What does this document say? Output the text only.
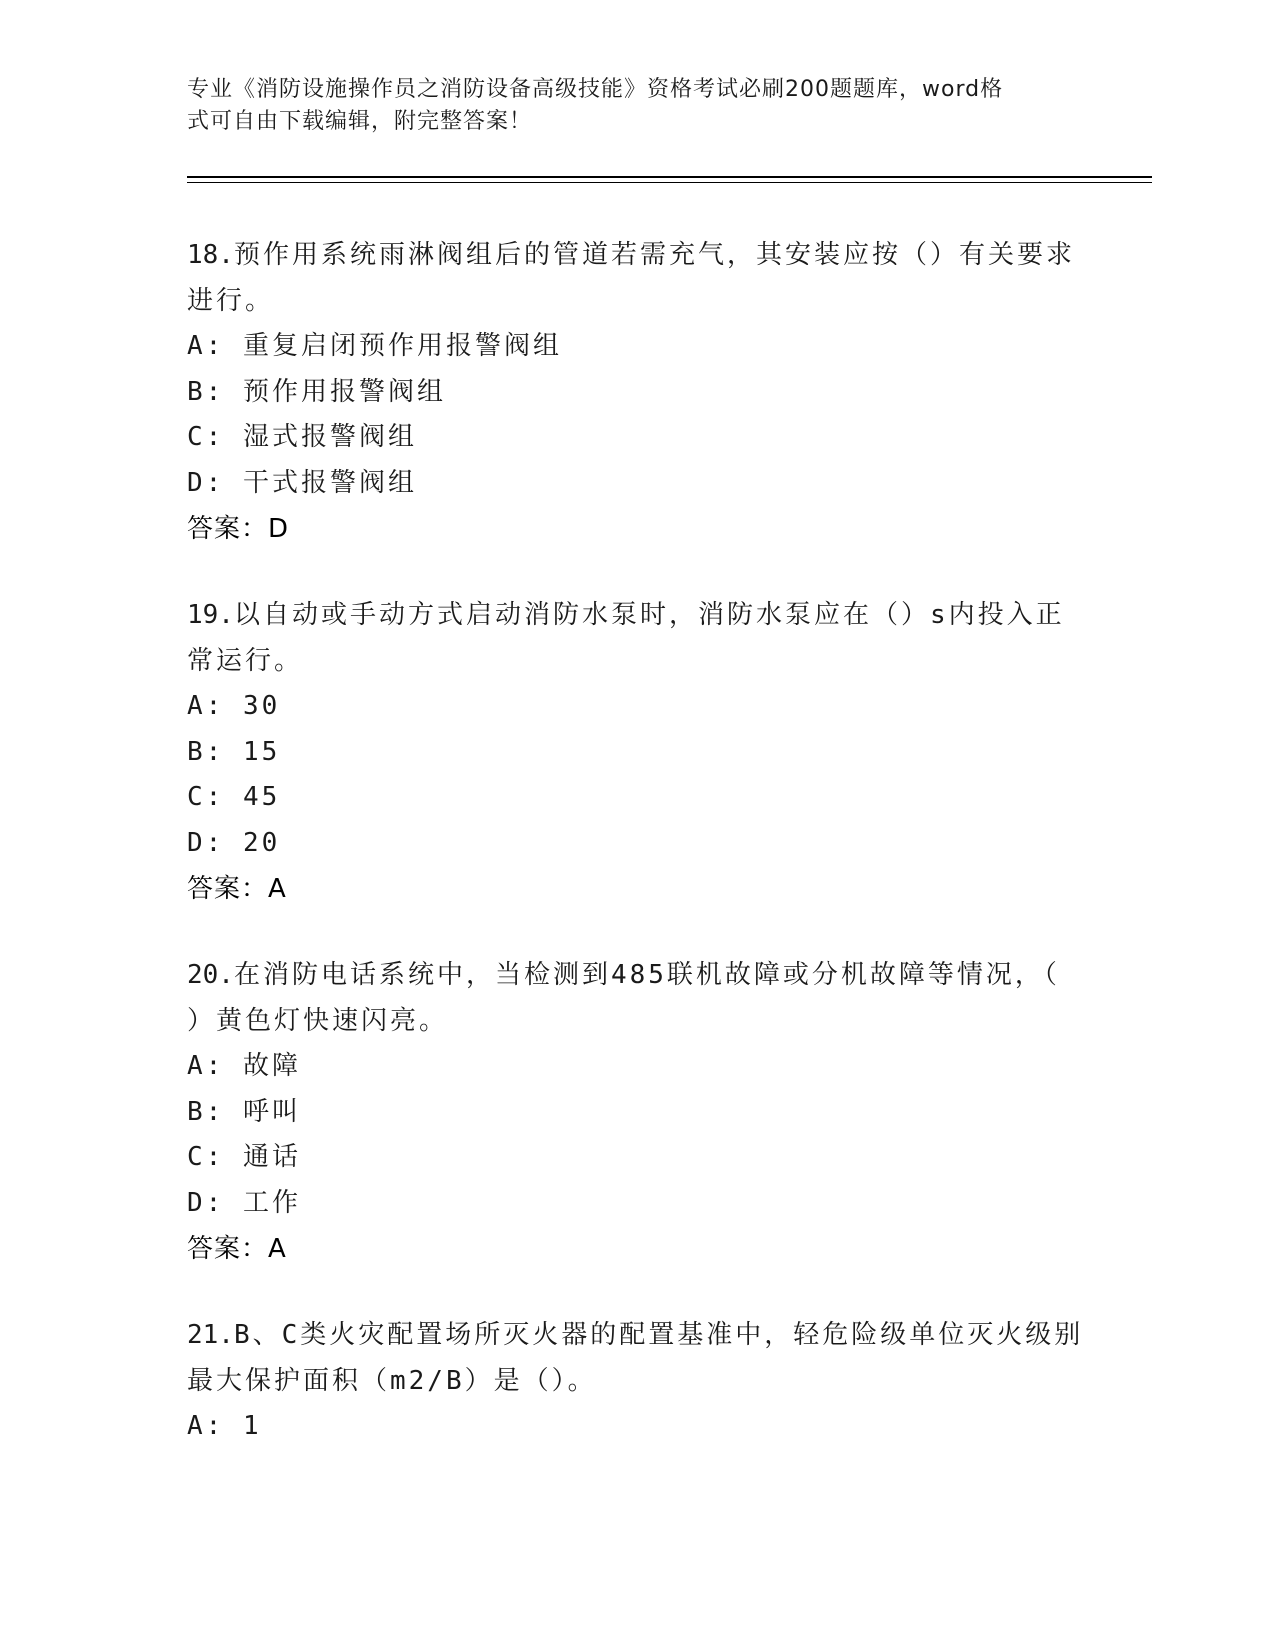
专业《消防设施操作员之消防设备高级技能》资格考试必刷200题题库，word格
式可自由下载编辑，附完整答案！

18.预作用系统雨淋阀组后的管道若需充气，其安装应按（）有关要求

进行。

A: 重复启闭预作用报警阀组

B: 预作用报警阀组

C: 湿式报警阀组

D: 干式报警阀组

答案：D

19.以自动或手动方式启动消防水泵时，消防水泵应在（）s内投入正

常运行。

A: 30

B: 15

C: 45

D: 20

答案：A

20.在消防电话系统中，当检测到485联机故障或分机故障等情况，（

）黄色灯快速闪亮。

A: 故障

B: 呼叫

C: 通话

D: 工作

答案：A

21.B、C类火灾配置场所灭火器的配置基准中，轻危险级单位灭火级别

最大保护面积（m2/B）是（）。

A: 1
